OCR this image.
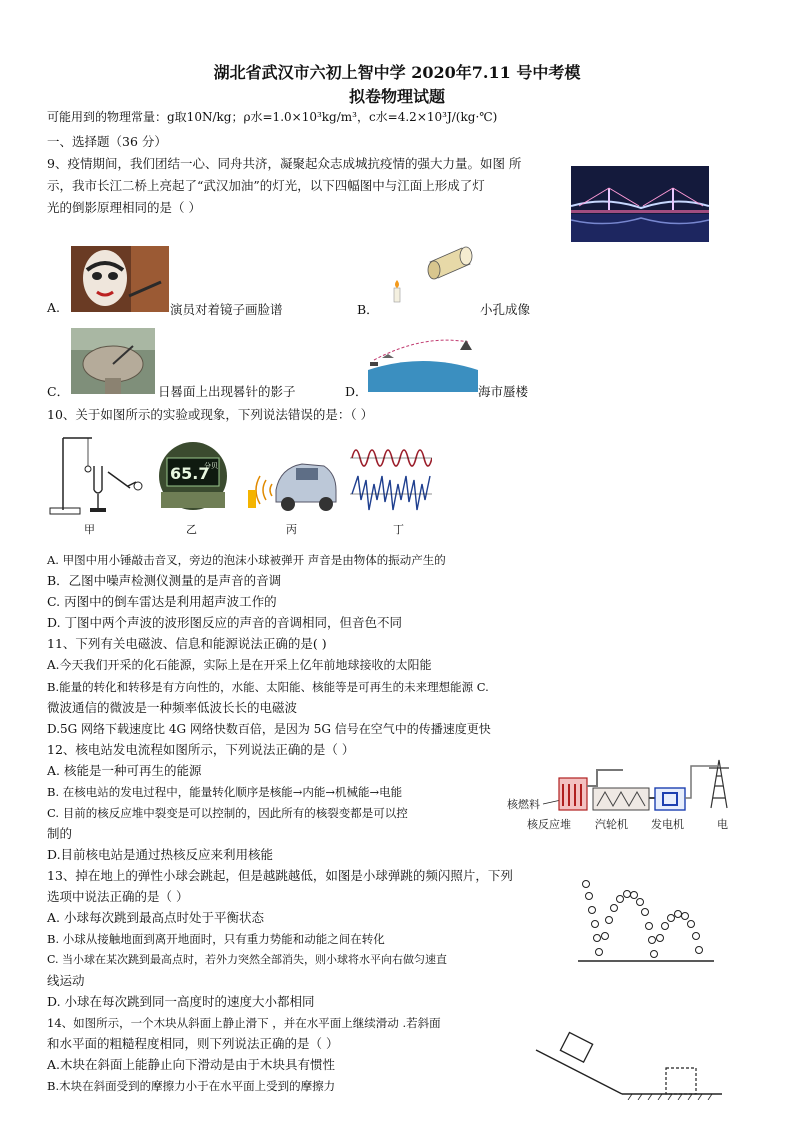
湖北省武汉市六初上智中学 2020年7.11 号中考模
拟卷物理试题
可能用到的物理常量：g取10N/kg；ρ水=1.0×10³kg/m³，c水=4.2×10³J/(kg·℃)
一、选择题（36 分）
9、疫情期间，我们团结一心、同舟共济，凝聚起众志成城抗疫情的强大力量。如图 所
示，我市长江二桥上亮起了“武汉加油”的灯光，以下四幅图中与江面上形成了灯
光的倒影原理相同的是（ ）
A.	演员对着镜子画脸谱	B．	小孔成像
C．	日晷面上出现晷针的影子	D．	海市蜃楼
10、关于如图所示的实验或现象，下列说法错误的是：（ ）
甲
65.7
分贝
乙	丙	丁
A. 甲图中用小锤敲击音叉，旁边的泡沫小球被弹开 声音是由物体的振动产生的
B．乙图中噪声检测仪测量的是声音的音调
C. 丙图中的倒车雷达是利用超声波工作的
D. 丁图中两个声波的波形图反应的声音的音调相同，但音色不同
11、下列有关电磁波、信息和能源说法正确的是( )
A.今天我们开采的化石能源，实际上是在开采上亿年前地球接收的太阳能
B.能量的转化和转移是有方向性的，水能、太阳能、核能等是可再生的未来理想能源 C.
微波通信的微波是一种频率低波长长的电磁波
D.5G 网络下载速度比 4G 网络快数百倍，是因为 5G 信号在空气中的传播速度更快
12、核电站发电流程如图所示，下列说法正确的是（ ）
A. 核能是一种可再生的能源
B. 在核电站的发电过程中，能量转化顺序是核能→内能→机械能→电能
C. 目前的核反应堆中裂变是可以控制的，因此所有的核裂变都是可以控
制的
D.目前核电站是通过热核反应来利用核能
核燃料
核反应堆 汽轮机 发电机	电
13、掉在地上的弹性小球会跳起，但是越跳越低，如图是小球弹跳的频闪照片，下列
选项中说法正确的是（ ）
A. 小球每次跳到最高点时处于平衡状态
B. 小球从接触地面到离开地面时，只有重力势能和动能之间在转化
C. 当小球在某次跳到最高点时，若外力突然全部消失，则小球将水平向右做匀速直
线运动
D. 小球在每次跳到同一高度时的速度大小都相同
14、如图所示，一个木块从斜面上静止滑下 ，并在水平面上继续滑动 .若斜面
和水平面的粗糙程度相同，则下列说法正确的是（ ）
A.木块在斜面上能静止向下滑动是由于木块具有惯性
B.木块在斜面受到的摩擦力小于在水平面上受到的摩擦力
